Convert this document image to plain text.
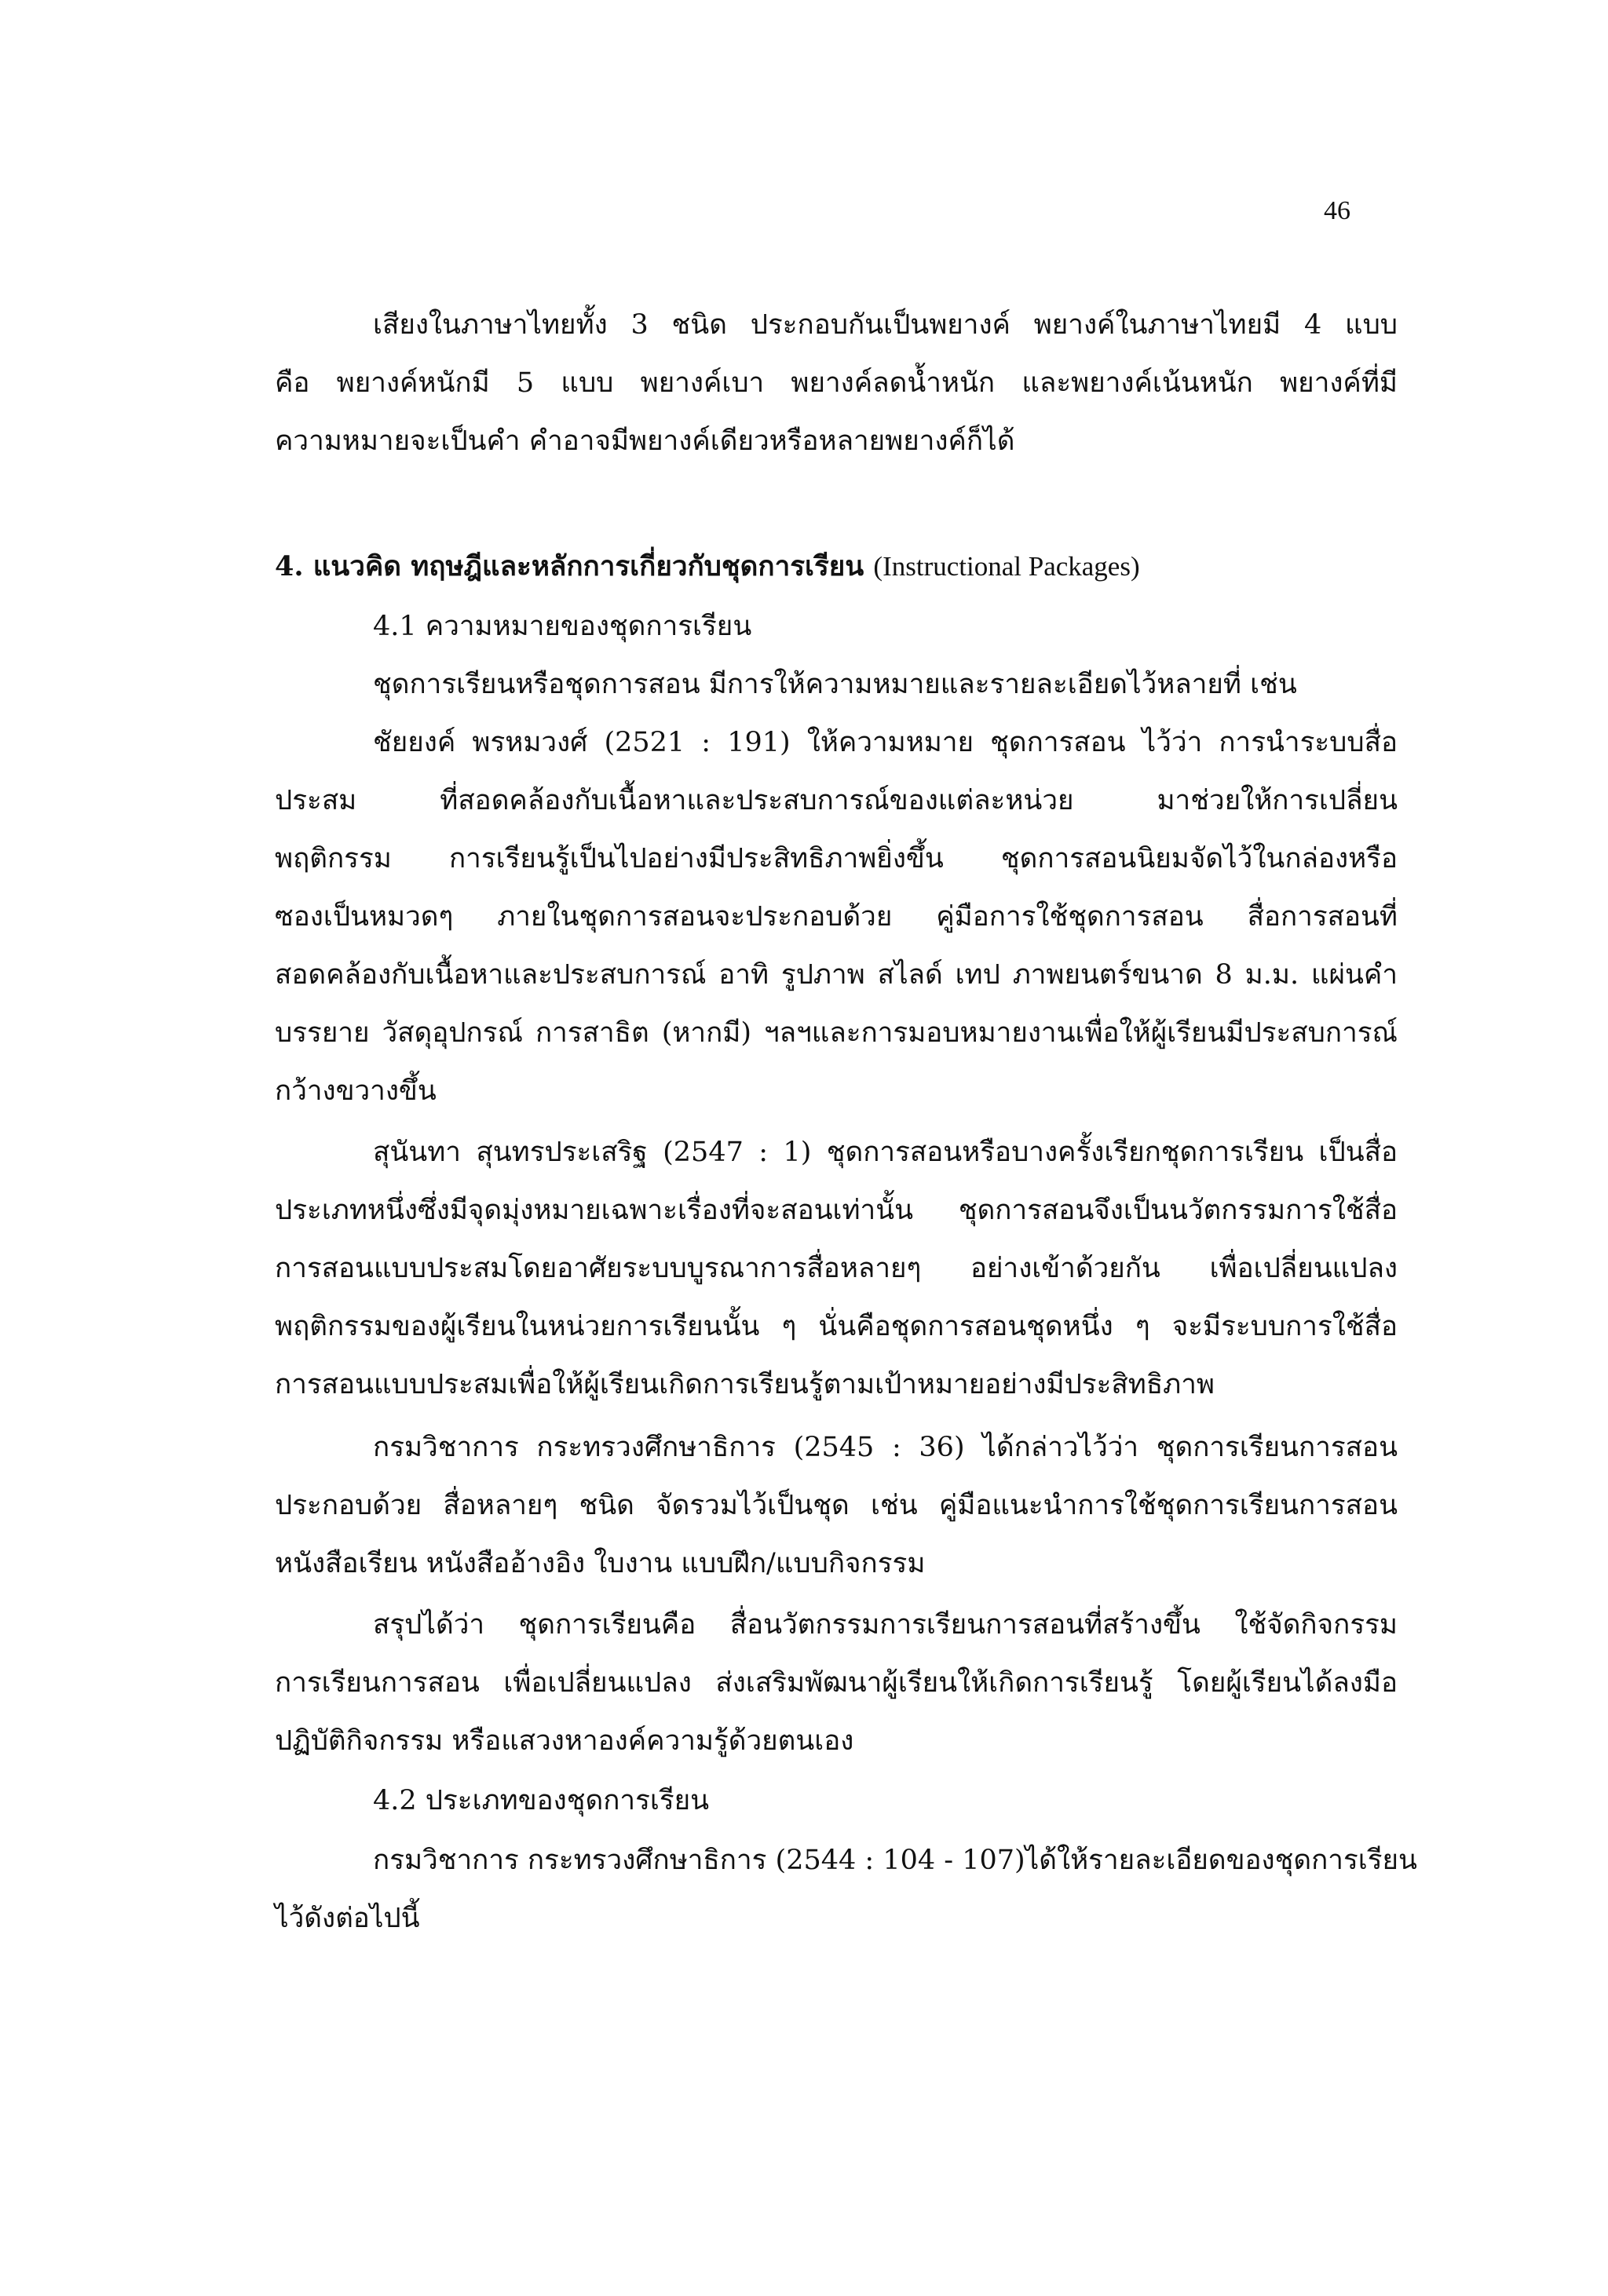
46
เสียงในภาษาไทยทั้ง 3 ชนิด ประกอบกันเป็นพยางค์ พยางค์ในภาษาไทยมี 4 แบบ
คือ พยางค์หนักมี 5 แบบ พยางค์เบา พยางค์ลดน้ำหนัก และพยางค์เน้นหนัก พยางค์ที่มี
ความหมายจะเป็นคำ คำอาจมีพยางค์เดียวหรือหลายพยางค์ก็ได้
4. แนวคิด ทฤษฎีและหลักการเกี่ยวกับชุดการเรียน (Instructional Packages)
4.1 ความหมายของชุดการเรียน
ชุดการเรียนหรือชุดการสอน มีการให้ความหมายและรายละเอียดไว้หลายที่ เช่น
ชัยยงค์ พรหมวงศ์ (2521 : 191) ให้ความหมาย ชุดการสอน ไว้ว่า การนำระบบสื่อ
ประสม ที่สอดคล้องกับเนื้อหาและประสบการณ์ของแต่ละหน่วย มาช่วยให้การเปลี่ยน
พฤติกรรม การเรียนรู้เป็นไปอย่างมีประสิทธิภาพยิ่งขึ้น ชุดการสอนนิยมจัดไว้ในกล่องหรือ
ซองเป็นหมวดๆ ภายในชุดการสอนจะประกอบด้วย คู่มือการใช้ชุดการสอน สื่อการสอนที่
สอดคล้องกับเนื้อหาและประสบการณ์ อาทิ รูปภาพ สไลด์ เทป ภาพยนตร์ขนาด 8 ม.ม. แผ่นคำ
บรรยาย วัสดุอุปกรณ์ การสาธิต (หากมี) ฯลฯและการมอบหมายงานเพื่อให้ผู้เรียนมีประสบการณ์
กว้างขวางขึ้น
สุนันทา สุนทรประเสริฐ (2547 : 1) ชุดการสอนหรือบางครั้งเรียกชุดการเรียน เป็นสื่อ
ประเภทหนึ่งซึ่งมีจุดมุ่งหมายเฉพาะเรื่องที่จะสอนเท่านั้น ชุดการสอนจึงเป็นนวัตกรรมการใช้สื่อ
การสอนแบบประสมโดยอาศัยระบบบูรณาการสื่อหลายๆ อย่างเข้าด้วยกัน เพื่อเปลี่ยนแปลง
พฤติกรรมของผู้เรียนในหน่วยการเรียนนั้น ๆ นั่นคือชุดการสอนชุดหนึ่ง ๆ จะมีระบบการใช้สื่อ
การสอนแบบประสมเพื่อให้ผู้เรียนเกิดการเรียนรู้ตามเป้าหมายอย่างมีประสิทธิภาพ
กรมวิชาการ กระทรวงศึกษาธิการ (2545 : 36) ได้กล่าวไว้ว่า ชุดการเรียนการสอน
ประกอบด้วย สื่อหลายๆ ชนิด จัดรวมไว้เป็นชุด เช่น คู่มือแนะนำการใช้ชุดการเรียนการสอน
หนังสือเรียน หนังสืออ้างอิง ใบงาน แบบฝึก/แบบกิจกรรม
สรุปได้ว่า ชุดการเรียนคือ สื่อนวัตกรรมการเรียนการสอนที่สร้างขึ้น ใช้จัดกิจกรรม
การเรียนการสอน เพื่อเปลี่ยนแปลง ส่งเสริมพัฒนาผู้เรียนให้เกิดการเรียนรู้ โดยผู้เรียนได้ลงมือ
ปฏิบัติกิจกรรม หรือแสวงหาองค์ความรู้ด้วยตนเอง
4.2 ประเภทของชุดการเรียน
กรมวิชาการ กระทรวงศึกษาธิการ (2544 : 104 - 107)ได้ให้รายละเอียดของชุดการเรียน
ไว้ดังต่อไปนี้
